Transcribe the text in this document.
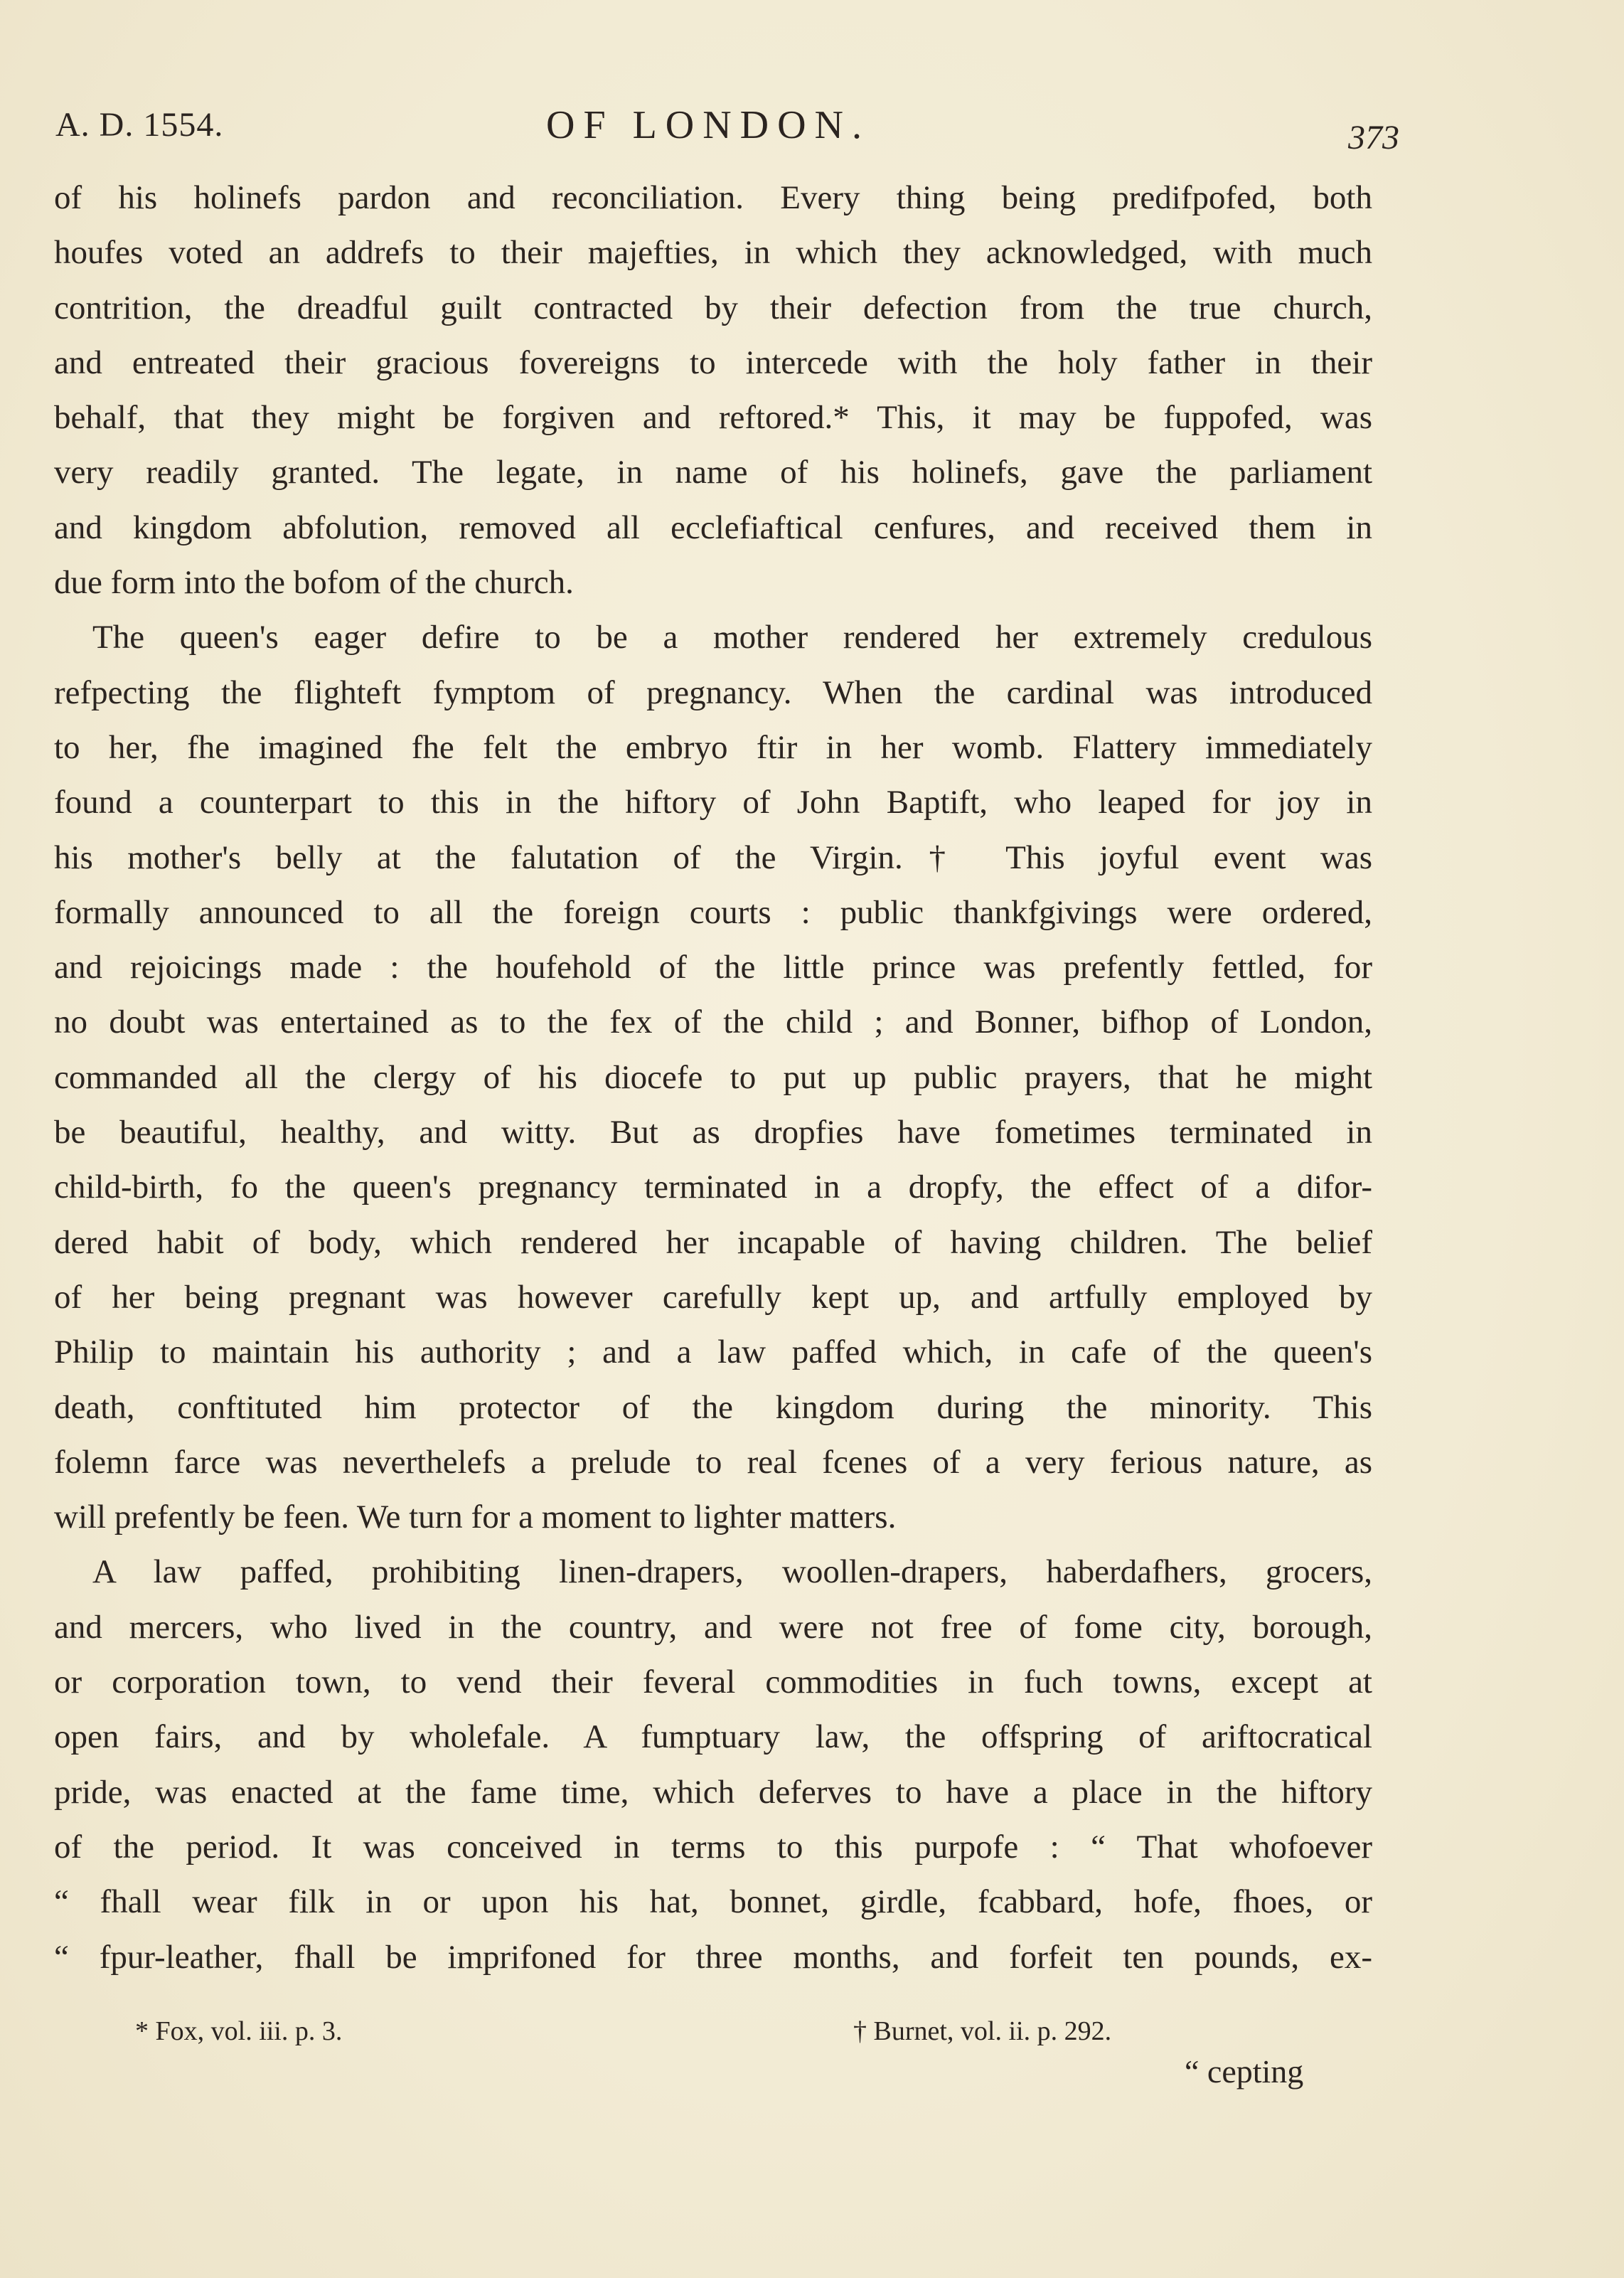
A. D. 1554.	OF LONDON.	373
of his holinefs pardon and reconciliation. Every thing being predifpofed, both
houfes voted an addrefs to their majefties, in which they acknowledged, with much
contrition, the dreadful guilt contracted by their defection from the true church,
and entreated their gracious fovereigns to intercede with the holy father in their
behalf, that they might be forgiven and reftored.* This, it may be fuppofed, was
very readily granted. The legate, in name of his holinefs, gave the parliament
and kingdom abfolution, removed all ecclefiaftical cenfures, and received them in
due form into the bofom of the church.
The queen's eager defire to be a mother rendered her extremely credulous
refpecting the flighteft fymptom of pregnancy. When the cardinal was introduced
to her, fhe imagined fhe felt the embryo ftir in her womb. Flattery immediately
found a counterpart to this in the hiftory of John Baptift, who leaped for joy in
his mother's belly at the falutation of the Virgin.† This joyful event was
formally announced to all the foreign courts : public thankfgivings were ordered,
and rejoicings made : the houfehold of the little prince was prefently fettled, for
no doubt was entertained as to the fex of the child ; and Bonner, bifhop of London,
commanded all the clergy of his diocefe to put up public prayers, that he might
be beautiful, healthy, and witty. But as dropfies have fometimes terminated in
child-birth, fo the queen's pregnancy terminated in a dropfy, the effect of a difor-
dered habit of body, which rendered her incapable of having children. The belief
of her being pregnant was however carefully kept up, and artfully employed by
Philip to maintain his authority ; and a law paffed which, in cafe of the queen's
death, conftituted him protector of the kingdom during the minority. This
folemn farce was neverthelefs a prelude to real fcenes of a very ferious nature, as
will prefently be feen. We turn for a moment to lighter matters.
A law paffed, prohibiting linen-drapers, woollen-drapers, haberdafhers, grocers,
and mercers, who lived in the country, and were not free of fome city, borough,
or corporation town, to vend their feveral commodities in fuch towns, except at
open fairs, and by wholefale. A fumptuary law, the offspring of ariftocratical
pride, was enacted at the fame time, which deferves to have a place in the hiftory
of the period. It was conceived in terms to this purpofe : “ That whofoever
“ fhall wear filk in or upon his hat, bonnet, girdle, fcabbard, hofe, fhoes, or
“ fpur-leather, fhall be imprifoned for three months, and forfeit ten pounds, ex-
* Fox, vol. iii. p. 3.	† Burnet, vol. ii. p. 292.
“ cepting
